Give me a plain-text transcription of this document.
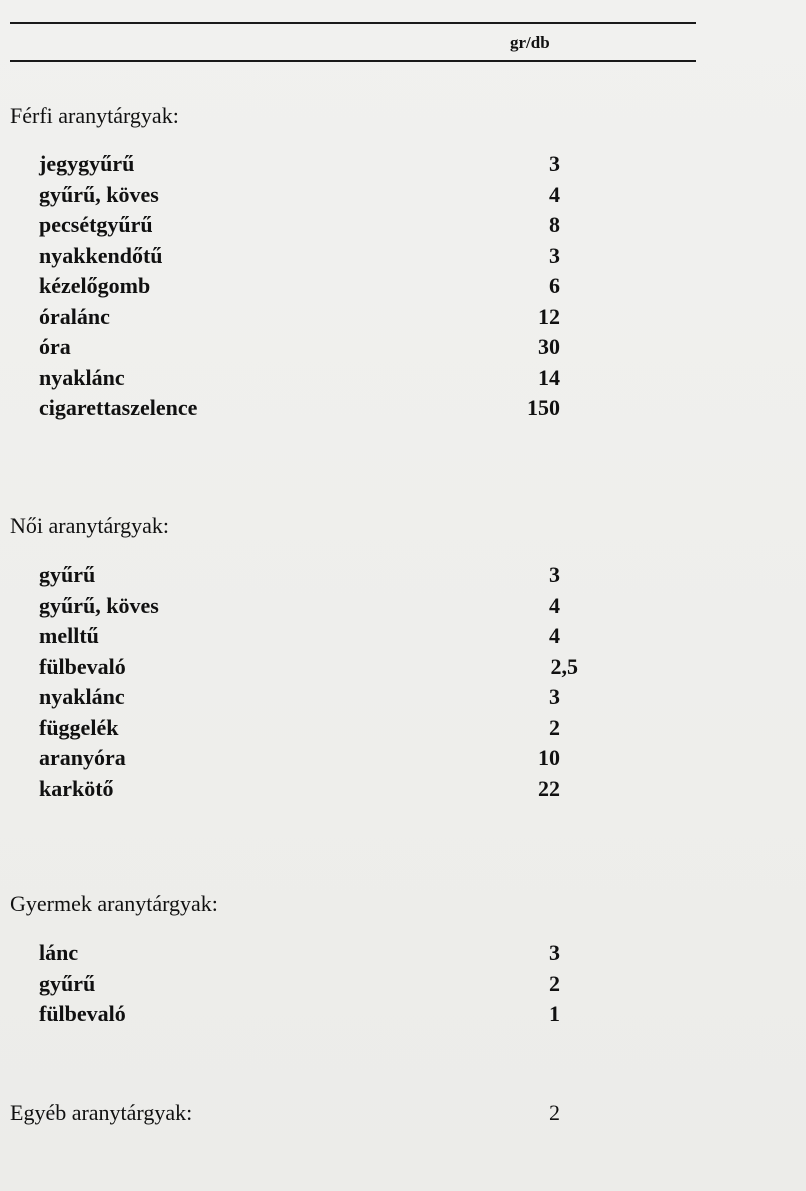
gr/db
Férfi aranytárgyak:
jegygyűrű	3
gyűrű, köves	4
pecsétgyűrű	8
nyakkendőtű	3
kézelőgomb	6
óralánc	12
óra	30
nyaklánc	14
cigarettaszelence	150
Női aranytárgyak:
gyűrű	3
gyűrű, köves	4
melltű	4
fülbevaló	2,5
nyaklánc	3
függelék	2
aranyóra	10
karkötő	22
Gyermek aranytárgyak:
lánc	3
gyűrű	2
fülbevaló	1
Egyéb aranytárgyak:	2
